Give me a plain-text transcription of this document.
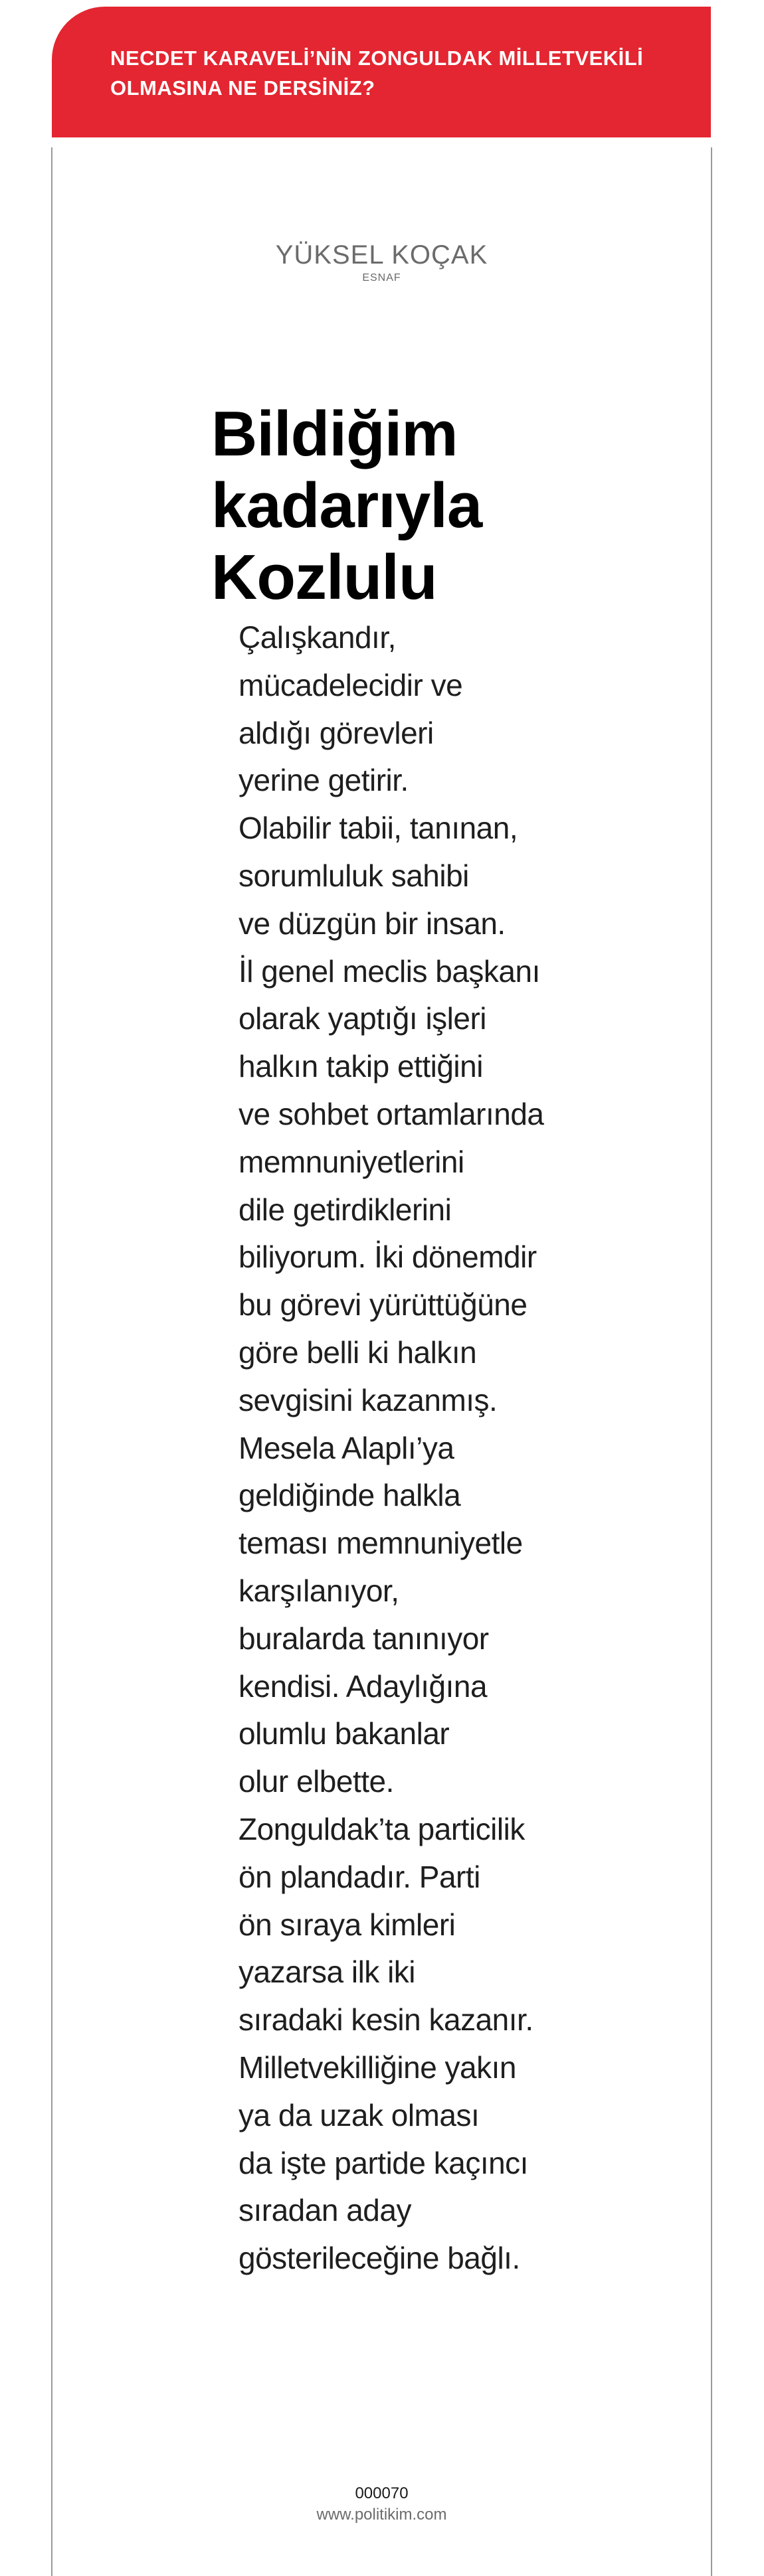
NECDET KARAVELİ’NİN ZONGULDAK MİLLETVEKİLİ
OLMASINA NE DERSİNİZ?
YÜKSEL KOÇAK
ESNAF
Bildiğim
kadarıyla
Kozlulu
Çalışkandır,
mücadelecidir ve
aldığı görevleri
yerine getirir.
Olabilir tabii, tanınan,
sorumluluk sahibi
ve düzgün bir insan.
İl genel meclis başkanı
olarak yaptığı işleri
halkın takip ettiğini
ve sohbet ortamlarında
memnuniyetlerini
dile getirdiklerini
biliyorum. İki dönemdir
bu görevi yürüttüğüne
göre belli ki halkın
sevgisini kazanmış.
Mesela Alaplı’ya
geldiğinde halkla
teması memnuniyetle
karşılanıyor,
buralarda tanınıyor
kendisi. Adaylığına
olumlu bakanlar
olur elbette.
Zonguldak’ta particilik
ön plandadır. Parti
ön sıraya kimleri
yazarsa ilk iki
sıradaki kesin kazanır.
Milletvekilliğine yakın
ya da uzak olması
da işte partide kaçıncı
sıradan aday
gösterileceğine bağlı.
000070
www.politikim.com
